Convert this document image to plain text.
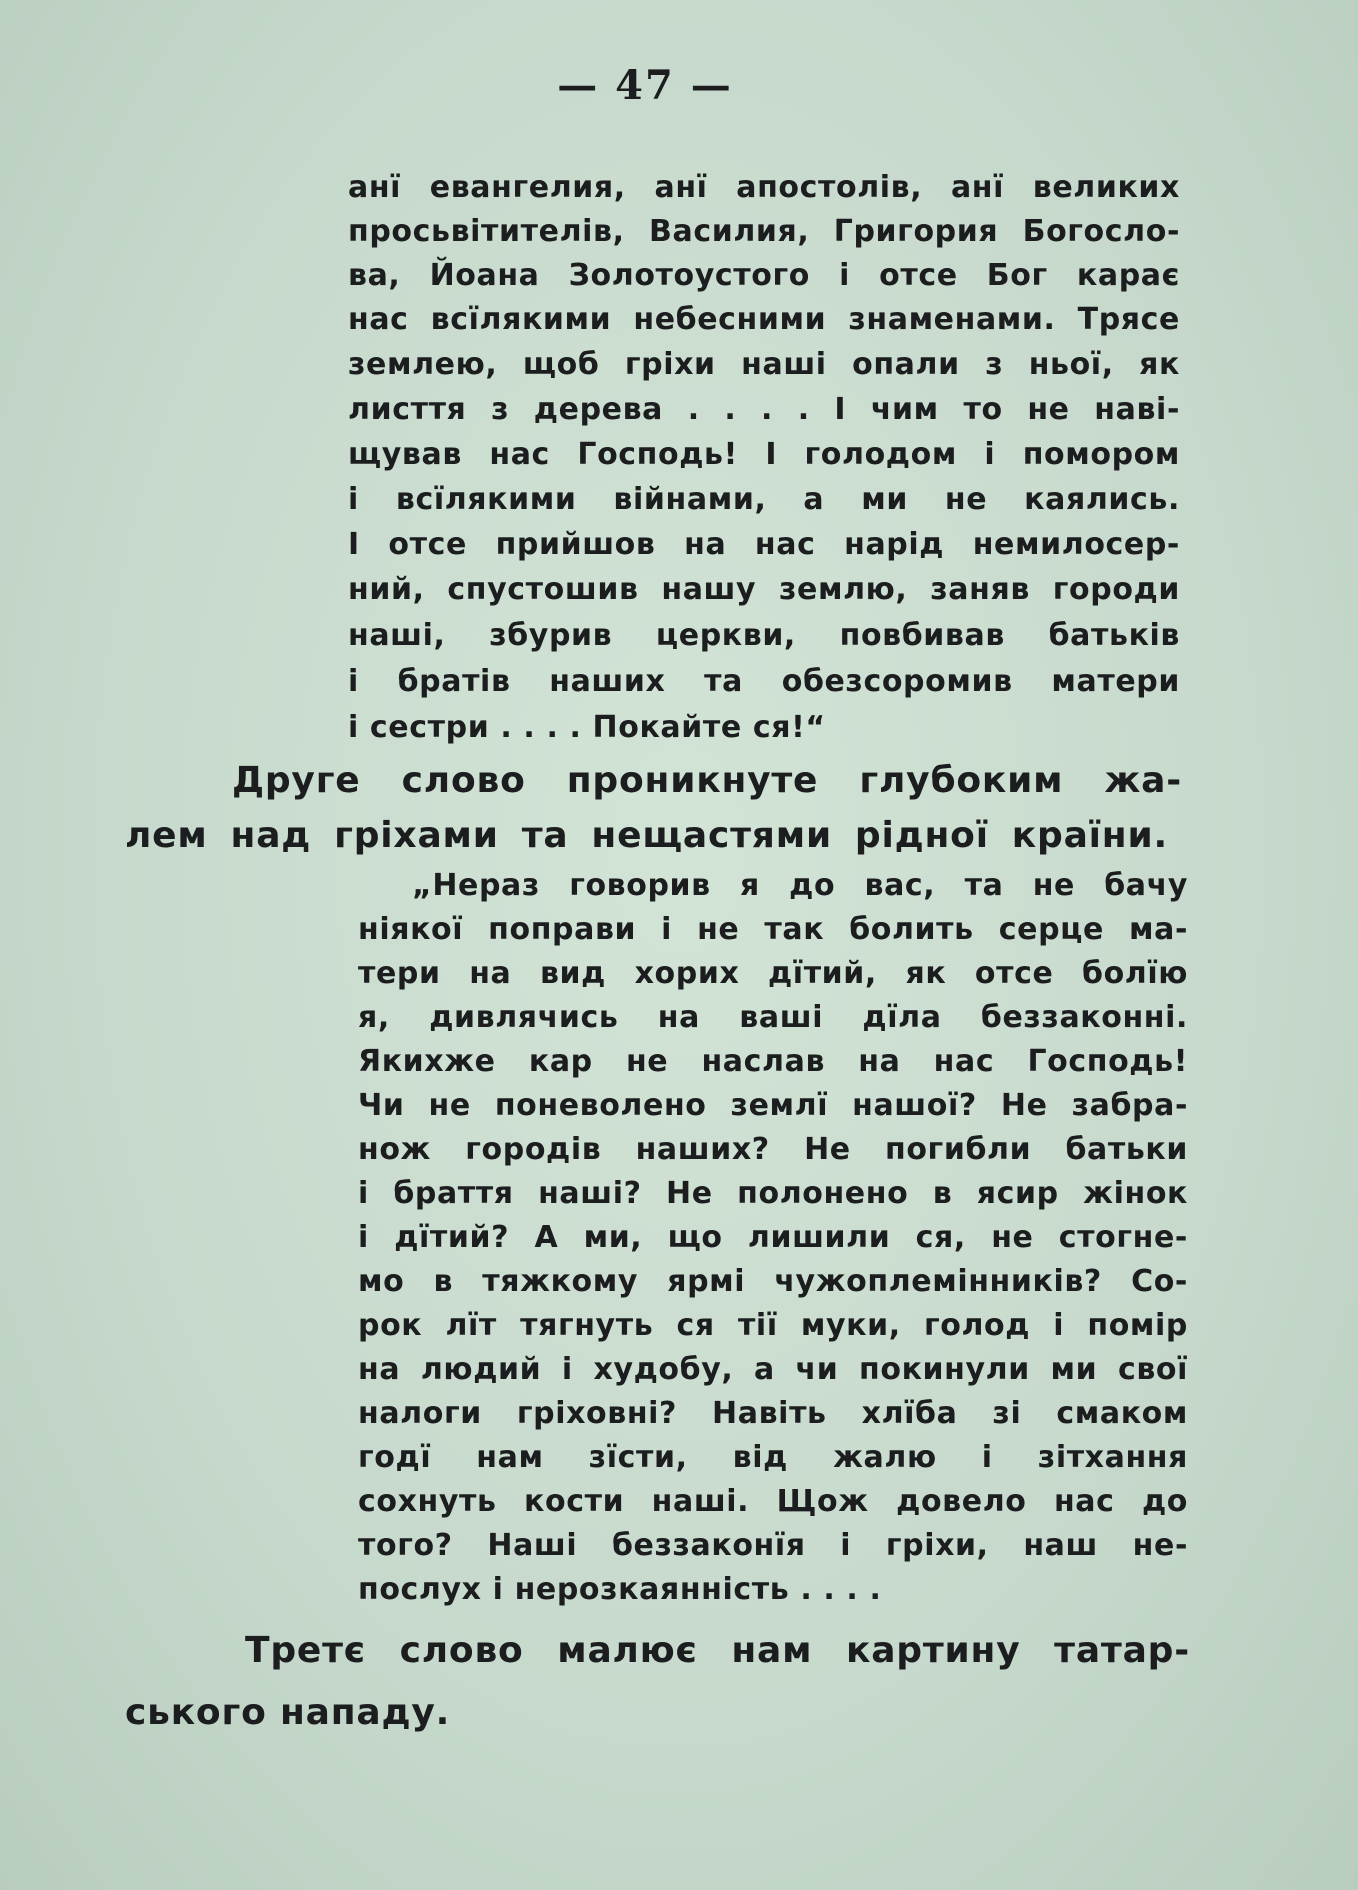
— 47 —

анї евангелия, анї апостолів, анї великих

просьвітителів, Василия, Григория Богосло-

ва, Йоана Золотоустого і отсе Бог карає

нас всїлякими небесними знаменами. Трясе

землею, щоб гріхи наші опали з ньої, як

лисття з дерева . . . . І чим то не наві-

щував нас Господь! І голодом і помором

і всїлякими війнами, а ми не каялись.

І отсе прийшов на нас нарід немилосер-

ний, спустошив нашу землю, заняв городи

наші, збурив церкви, повбивав батьків

і братів наших та обезсоромив матери

і сестри . . . . Покайте ся!“

Друге слово проникнуте глубоким жа-

лем над гріхами та нещастями рідної країни.

„Нераз говорив я до вас, та не бачу

ніякої поправи і не так болить серце ма-

тери на вид хорих дїтий, як отсе болїю

я, дивлячись на ваші дїла беззаконні.

Якихже кар не наслав на нас Господь!

Чи не поневолено землї нашої? Не забра-

нож городів наших? Не погибли батьки

і браття наші? Не полонено в ясир жінок

і дїтий? А ми, що лишили ся, не стогне-

мо в тяжкому ярмі чужоплемінників? Со-

рок лїт тягнуть ся тії муки, голод і помір

на людий і худобу, а чи покинули ми свої

налоги гріховні? Навіть хлїба зі смаком

годї нам зїсти, від жалю і зітхання

сохнуть кости наші. Щож довело нас до

того? Наші беззаконїя і гріхи, наш не-

послух і нерозкаянність . . . .

Третє слово малює нам картину татар-

ського нападу.
